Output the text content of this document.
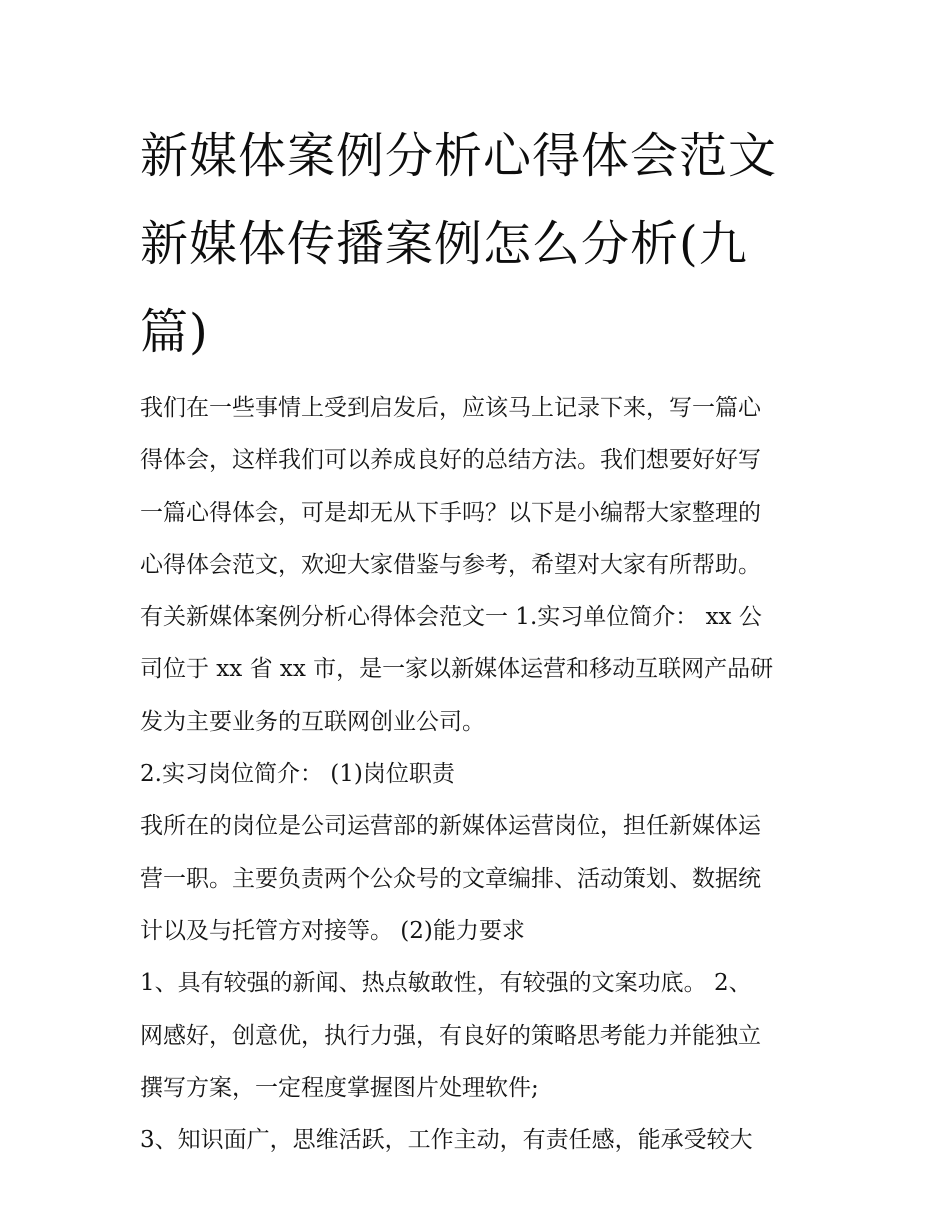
新媒体案例分析心得体会范文
新媒体传播案例怎么分析(九
篇)

我们在一些事情上受到启发后，应该马上记录下来，写一篇心

得体会，这样我们可以养成良好的总结方法。我们想要好好写

一篇心得体会，可是却无从下手吗？以下是小编帮大家整理的

心得体会范文，欢迎大家借鉴与参考，希望对大家有所帮助。

有关新媒体案例分析心得体会范文一 1.实习单位简介： xx 公

司位于 xx 省 xx 市，是一家以新媒体运营和移动互联网产品研

发为主要业务的互联网创业公司。

2.实习岗位简介： (1)岗位职责

我所在的岗位是公司运营部的新媒体运营岗位，担任新媒体运

营一职。主要负责两个公众号的文章编排、活动策划、数据统

计以及与托管方对接等。 (2)能力要求

1、具有较强的新闻、热点敏敢性，有较强的文案功底。 2、

网感好，创意优，执行力强，有良好的策略思考能力并能独立

撰写方案，一定程度掌握图片处理软件;

3、知识面广，思维活跃，工作主动，有责任感，能承受较大
